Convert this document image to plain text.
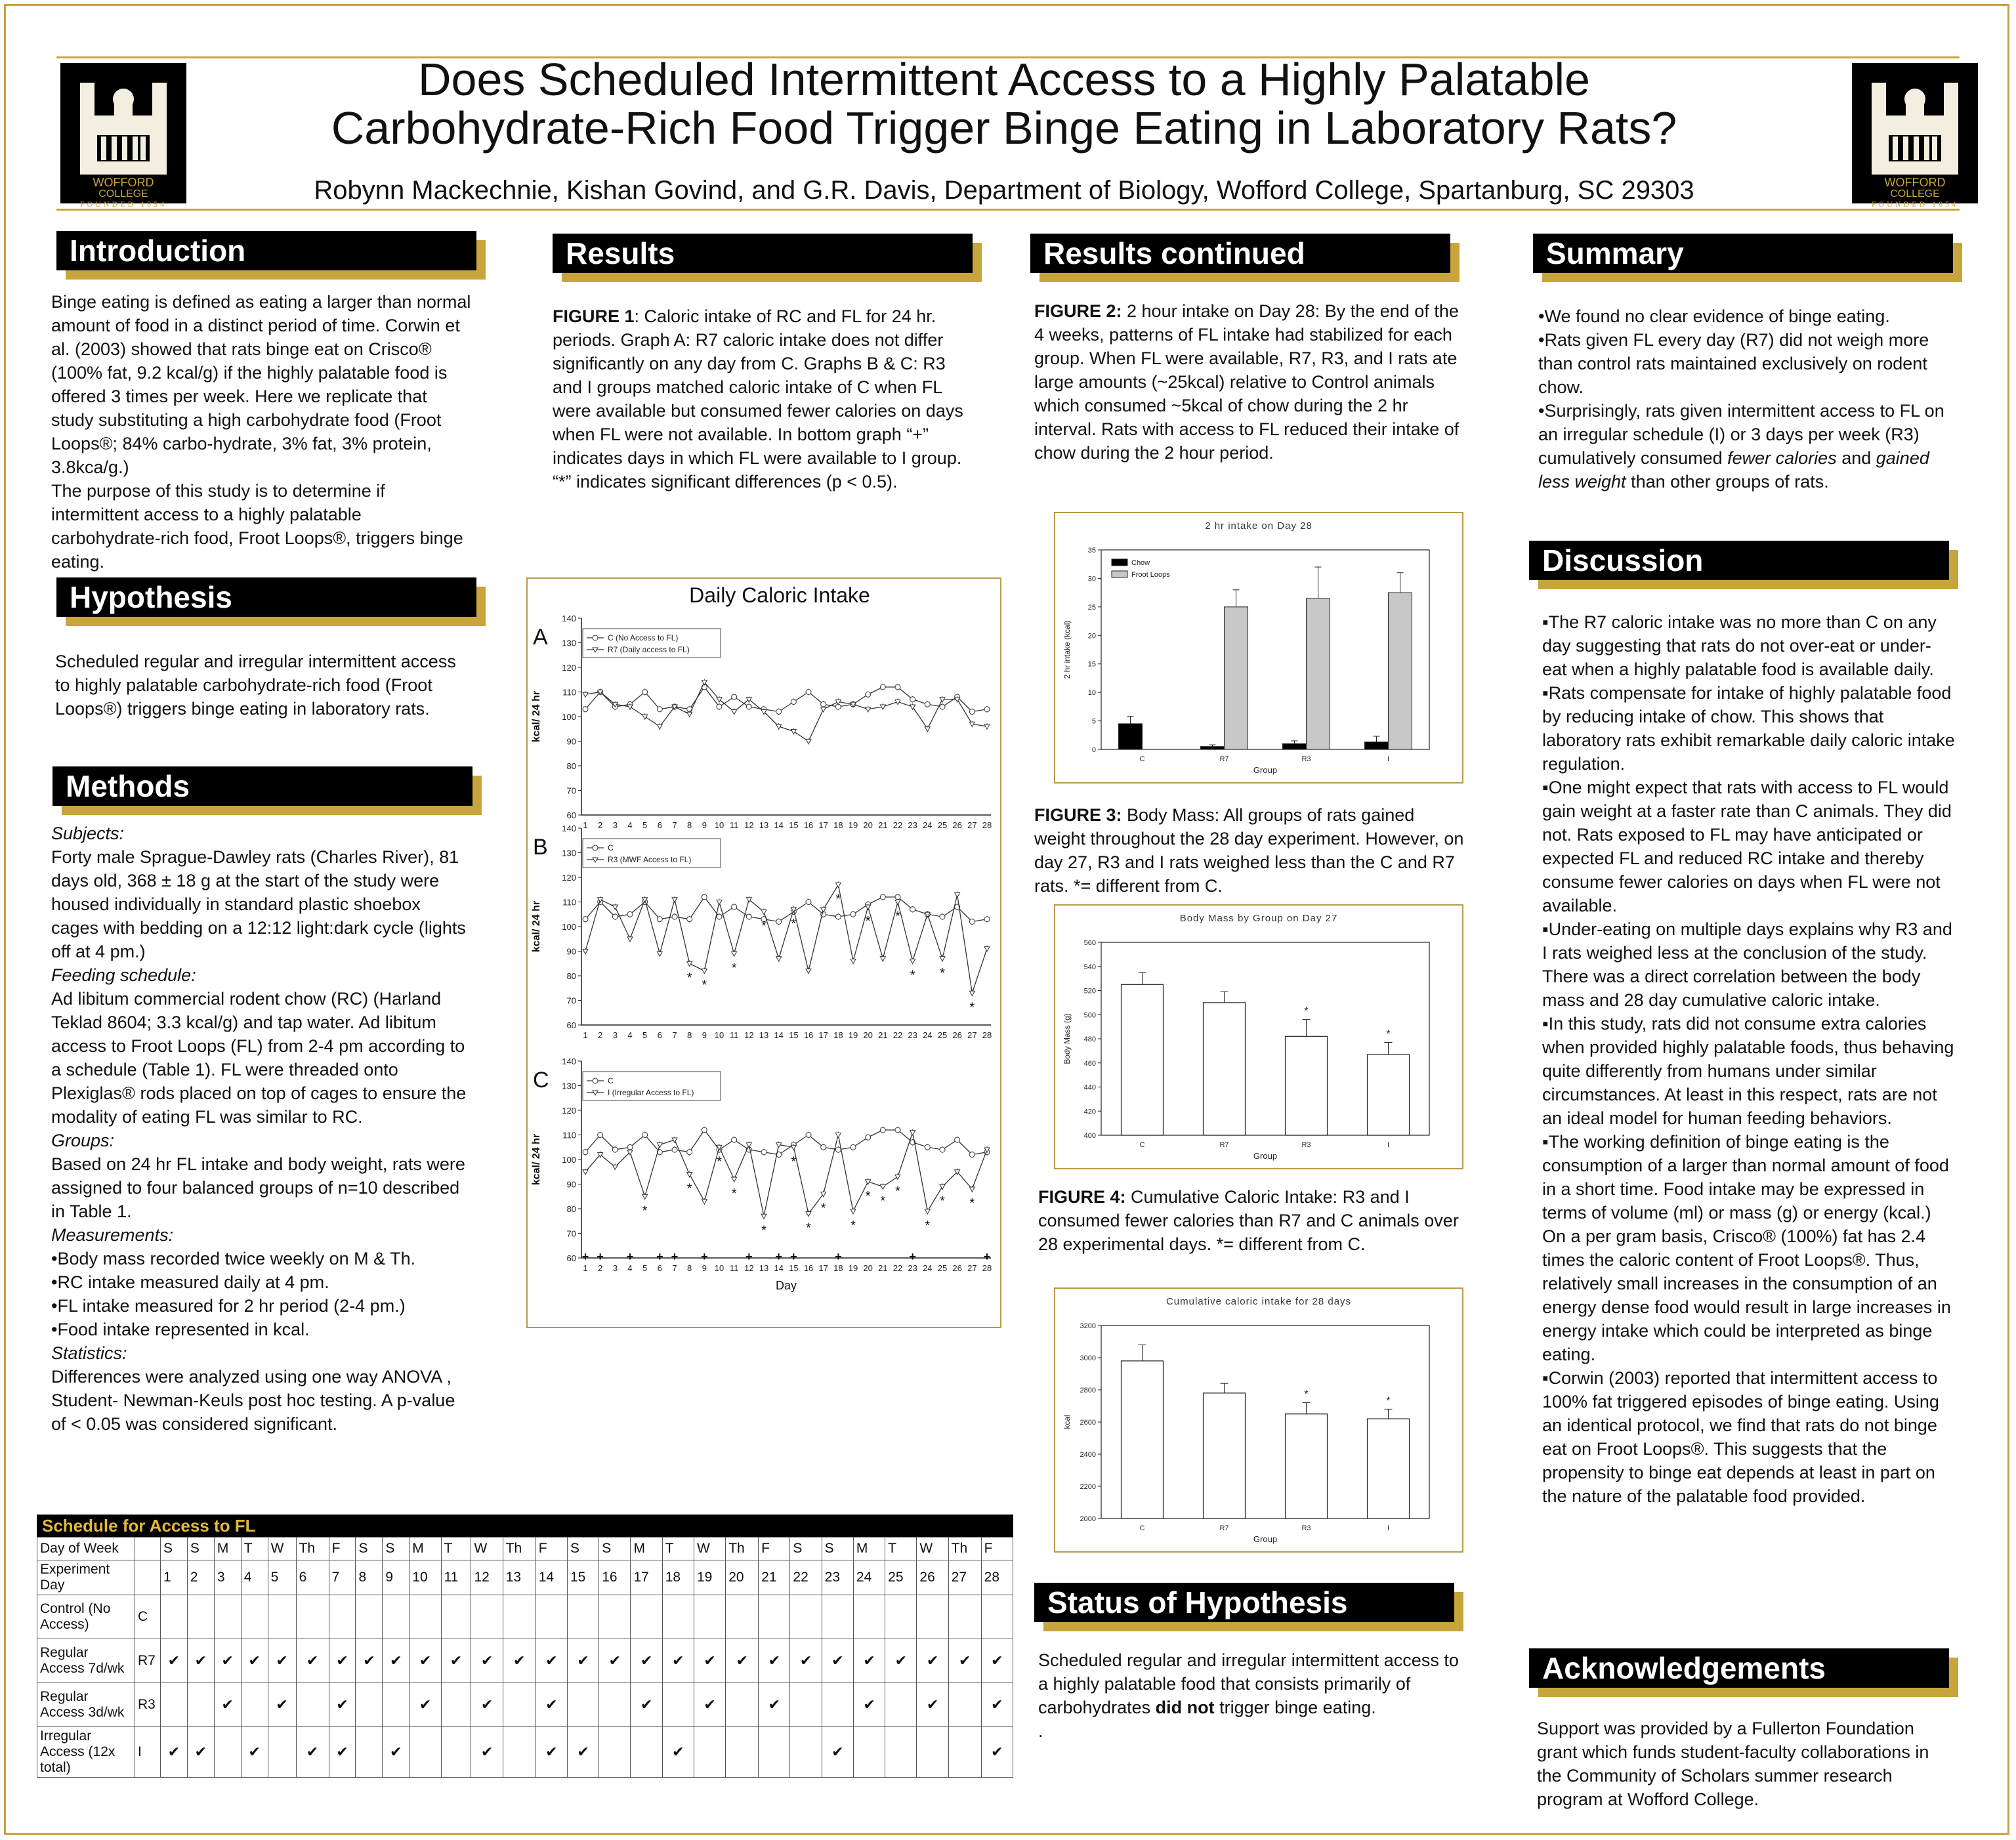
WOFFORD
COLLEGE
FOUNDED 1854
WOFFORD
COLLEGE
FOUNDED 1854
Does Scheduled Intermittent Access to a Highly Palatable
Carbohydrate-Rich Food Trigger Binge Eating in Laboratory Rats?
Robynn Mackechnie, Kishan Govind, and G.R. Davis, Department of Biology, Wofford College, Spartanburg, SC 29303
Introduction

Binge eating is defined as eating a larger than normal amount of food in a distinct period of time. Corwin et al. (2003) showed that rats binge eat on Crisco® (100% fat, 9.2 kcal/g) if the highly palatable food is offered 3 times per week. Here we replicate that study substituting a high carbohydrate food (Froot Loops®; 84% carbo-hydrate, 3% fat, 3% protein, 3.8kca/g.)

The purpose of this study is to determine if intermittent access to a highly palatable carbohydrate-rich food, Froot Loops®, triggers binge eating.

Hypothesis
Scheduled regular and irregular intermittent access to highly palatable carbohydrate-rich food (Froot Loops®) triggers binge eating in laboratory rats.
Methods

Subjects:

Forty male Sprague-Dawley rats (Charles River), 81 days old, 368 ± 18 g at the start of the study were housed individually in standard plastic shoebox cages with bedding on a 12:12 light:dark cycle (lights off at 4 pm.)

Feeding schedule:

Ad libitum commercial rodent chow (RC) (Harland Teklad 8604; 3.3 kcal/g) and tap water. Ad libitum access to Froot Loops (FL) from 2-4 pm according to a schedule (Table 1). FL were threaded onto Plexiglas® rods placed on top of cages to ensure the modality of eating FL was similar to RC.

Groups:

Based on 24 hr FL intake and body weight, rats were assigned to four balanced groups of n=10 described in Table 1.

Measurements:

•Body mass recorded twice weekly on M & Th.

•RC intake measured daily at 4 pm.

•FL intake measured for 2 hr period (2-4 pm.)

•Food intake represented in kcal.

Statistics:

Differences were analyzed using one way ANOVA , Student- Newman-Keuls post hoc testing. A p-value of < 0.05 was considered significant.

Results

FIGURE 1: Caloric intake of RC and FL for 24 hr. periods. Graph A: R7 caloric intake does not differ significantly on any day from C. Graphs B & C: R3 and I groups matched caloric intake of C when FL were available but consumed fewer calories on days when FL were not available. In bottom graph “+” indicates days in which FL were available to I group.

“*” indicates significant differences (p < 0.5).

Daily Caloric Intake
60
70
80
90
100
110
120
130
140
1 2 3 4 5 6 7 8 9 10 11 12 13 14 15 16 17 18 19 20 21 22 23 24 25 26 27 28
kcal/ 24 hr
A	C (No Access to FL)
R7 (Daily access to FL)
60
70
80
90
100
110
120
130
140
1 2 3 4 5 6 7 8 9 10 11 12 13 14 15 16 17 18 19 20 21 22 23 24 25 26 27 28
kcal/ 24 hr
B	C
R3 (MWF Access to FL)
*
*
*
* *
*
* *
* *
*
60
70
80
90
100
110
120
130
140
1 2 3 4 5 6 7 8 9 10 11 12 13 14 15 16 17 18 19 20 21 22 23 24 25 26 27 28
kcal/ 24 hr
C	C
I (Irregular Access to FL)
*
*
*
*
*
*
*
*
*
* *
*
*
* *
+ + + + + +	+ + +	+	+	+
Day
Results continued

FIGURE 2: 2 hour intake on Day 28: By the end of the 4 weeks, patterns of FL intake had stabilized for each group. When FL were available, R7, R3, and I rats ate large amounts (~25kcal) relative to Control animals which consumed ~5kcal of chow during the 2 hr interval. Rats with access to FL reduced their intake of chow during the 2 hour period.

2 hr intake on Day 28
0
5
10
15
20
25
30
35
2 hr intake (kcal)
Group
C	R7	R3	I
Chow
Froot Loops

FIGURE 3: Body Mass: All groups of rats gained weight throughout the 28 day experiment. However, on day 27, R3 and I rats weighed less than the C and R7 rats. *= different from C.

Body Mass by Group on Day 27
400
420
440
460
480
500
520
540
560
Body Mass (g)
Group
C	R7	R3	I
*
*

FIGURE 4: Cumulative Caloric Intake: R3 and I consumed fewer calories than R7 and C animals over 28 experimental days. *= different from C.

Cumulative caloric intake for 28 days
2000
2200
2400
2600
2800
3000
3200
kcal
Group
C	R7	R3	I
*
*
Status of Hypothesis

Scheduled regular and irregular intermittent access to a highly palatable food that consists primarily of carbohydrates did not trigger binge eating.

.

Summary

•We found no clear evidence of binge eating.

•Rats given FL every day (R7) did not weigh more than control rats maintained exclusively on rodent chow.

•Surprisingly, rats given intermittent access to FL on an irregular schedule (I) or 3 days per week (R3) cumulatively consumed fewer calories and gained less weight than other groups of rats.

Discussion

▪The R7 caloric intake was no more than C on any day suggesting that rats do not over-eat or under-eat when a highly palatable food is available daily.

▪Rats compensate for intake of highly palatable food by reducing intake of chow. This shows that laboratory rats exhibit remarkable daily caloric intake regulation.

▪One might expect that rats with access to FL would gain weight at a faster rate than C animals. They did not. Rats exposed to FL may have anticipated or expected FL and reduced RC intake and thereby consume fewer calories on days when FL were not available.

▪Under-eating on multiple days explains why R3 and I rats weighed less at the conclusion of the study. There was a direct correlation between the body mass and 28 day cumulative caloric intake.

▪In this study, rats did not consume extra calories when provided highly palatable foods, thus behaving quite differently from humans under similar circumstances. At least in this respect, rats are not an ideal model for human feeding behaviors.

▪The working definition of binge eating is the consumption of a larger than normal amount of food in a short time. Food intake may be expressed in terms of volume (ml) or mass (g) or energy (kcal.) On a per gram basis, Crisco® (100%) fat has 2.4 times the caloric content of Froot Loops®. Thus, relatively small increases in the consumption of an energy dense food would result in large increases in energy intake which could be interpreted as binge eating.

▪Corwin (2003) reported that intermittent access to 100% fat triggered episodes of binge eating. Using an identical protocol, we find that rats do not binge eat on Froot Loops®. This suggests that the propensity to binge eat depends at least in part on the nature of the palatable food provided.

Acknowledgements
Support was provided by a Fullerton Foundation grant which funds student-faculty collaborations in the Community of Scholars summer research program at Wofford College.
Schedule for Access to FL
Day of Week		S	S	M	T	W	Th	F	S	S	M	T	W	Th	F	S	S	M	T	W	Th	F	S	S	M	T	W	Th	F
Experiment Day		1	2	3	4	5	6	7	8	9	10	11	12	13	14	15	16	17	18	19	20	21	22	23	24	25	26	27	28
Control (No Access)	C																												
Regular Access 7d/wk	R7	✔	✔	✔	✔	✔	✔	✔	✔	✔	✔	✔	✔	✔	✔	✔	✔	✔	✔	✔	✔	✔	✔	✔	✔	✔	✔	✔	✔
Regular Access 3d/wk	R3			✔		✔		✔			✔		✔		✔			✔		✔		✔			✔		✔		✔
Irregular Access (12x total)	I	✔	✔		✔		✔	✔		✔			✔		✔	✔			✔					✔					✔
